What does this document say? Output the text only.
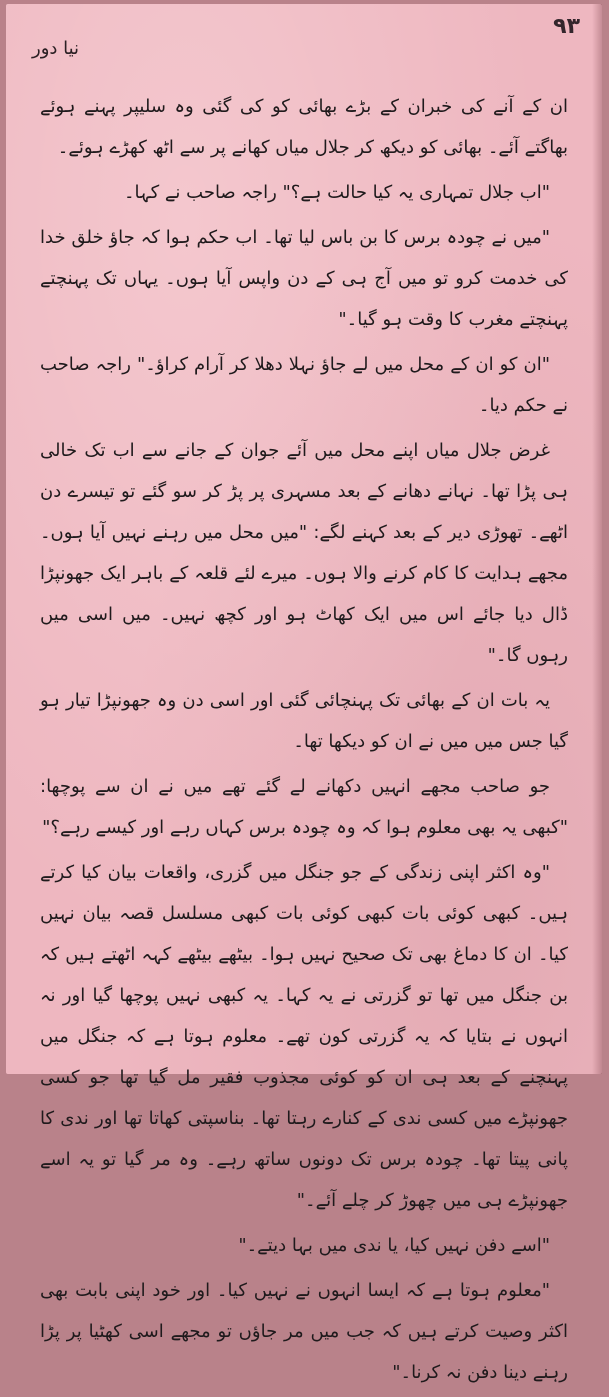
٩٣
نیا دور

ان کے آنے کی خبران کے بڑے بھائی کو کی گئی وہ سلیپر پہنے ہوئے بھاگتے آئے۔ بھائی کو دیکھ کر جلال میاں کھانے پر سے اٹھ کھڑے ہوئے۔

"اب جلال تمہاری یہ کیا حالت ہے؟" راجہ صاحب نے کہا۔

"میں نے چودہ برس کا بن باس لیا تھا۔ اب حکم ہوا کہ جاؤ خلق خدا کی خدمت کرو تو میں آج ہی کے دن واپس آیا ہوں۔ یہاں تک پہنچتے پہنچتے مغرب کا وقت ہو گیا۔"

"ان کو ان کے محل میں لے جاؤ نہلا دھلا کر آرام کراؤ۔" راجہ صاحب نے حکم دیا۔

غرض جلال میاں اپنے محل میں آئے جوان کے جانے سے اب تک خالی ہی پڑا تھا۔ نہانے دھانے کے بعد مسہری پر پڑ کر سو گئے تو تیسرے دن اٹھے۔ تھوڑی دیر کے بعد کہنے لگے: "میں محل میں رہنے نہیں آیا ہوں۔ مجھے ہدایت کا کام کرنے والا ہوں۔ میرے لئے قلعہ کے باہر ایک جھونپڑا ڈال دیا جائے اس میں ایک کھاٹ ہو اور کچھ نہیں۔ میں اسی میں رہوں گا۔"

یہ بات ان کے بھائی تک پہنچائی گئی اور اسی دن وہ جھونپڑا تیار ہو گیا جس میں میں نے ان کو دیکھا تھا۔

جو صاحب مجھے انہیں دکھانے لے گئے تھے میں نے ان سے پوچھا: "کبھی یہ بھی معلوم ہوا کہ وہ چودہ برس کہاں رہے اور کیسے رہے؟"

"وہ اکثر اپنی زندگی کے جو جنگل میں گزری، واقعات بیان کیا کرتے ہیں۔ کبھی کوئی بات کبھی کوئی بات کبھی مسلسل قصہ بیان نہیں کیا۔ ان کا دماغ بھی تک صحیح نہیں ہوا۔ بیٹھے بیٹھے کہہ اٹھتے ہیں کہ بن جنگل میں تھا تو گزرتی نے یہ کہا۔ یہ کبھی نہیں پوچھا گیا اور نہ انہوں نے بتایا کہ یہ گزرتی کون تھے۔ معلوم ہوتا ہے کہ جنگل میں پہنچنے کے بعد ہی ان کو کوئی مجذوب فقیر مل گیا تھا جو کسی جھونپڑے میں کسی ندی کے کنارے رہتا تھا۔ بناسپتی کھاتا تھا اور ندی کا پانی پیتا تھا۔ چودہ برس تک دونوں ساتھ رہے۔ وہ مر گیا تو یہ اسے جھونپڑے ہی میں چھوڑ کر چلے آئے۔"

"اسے دفن نہیں کیا، یا ندی میں بہا دیتے۔"

"معلوم ہوتا ہے کہ ایسا انہوں نے نہیں کیا۔ اور خود اپنی بابت بھی اکثر وصیت کرتے ہیں کہ جب میں مر جاؤں تو مجھے اسی کھٹیا پر پڑا رہنے دینا دفن نہ کرنا۔"
